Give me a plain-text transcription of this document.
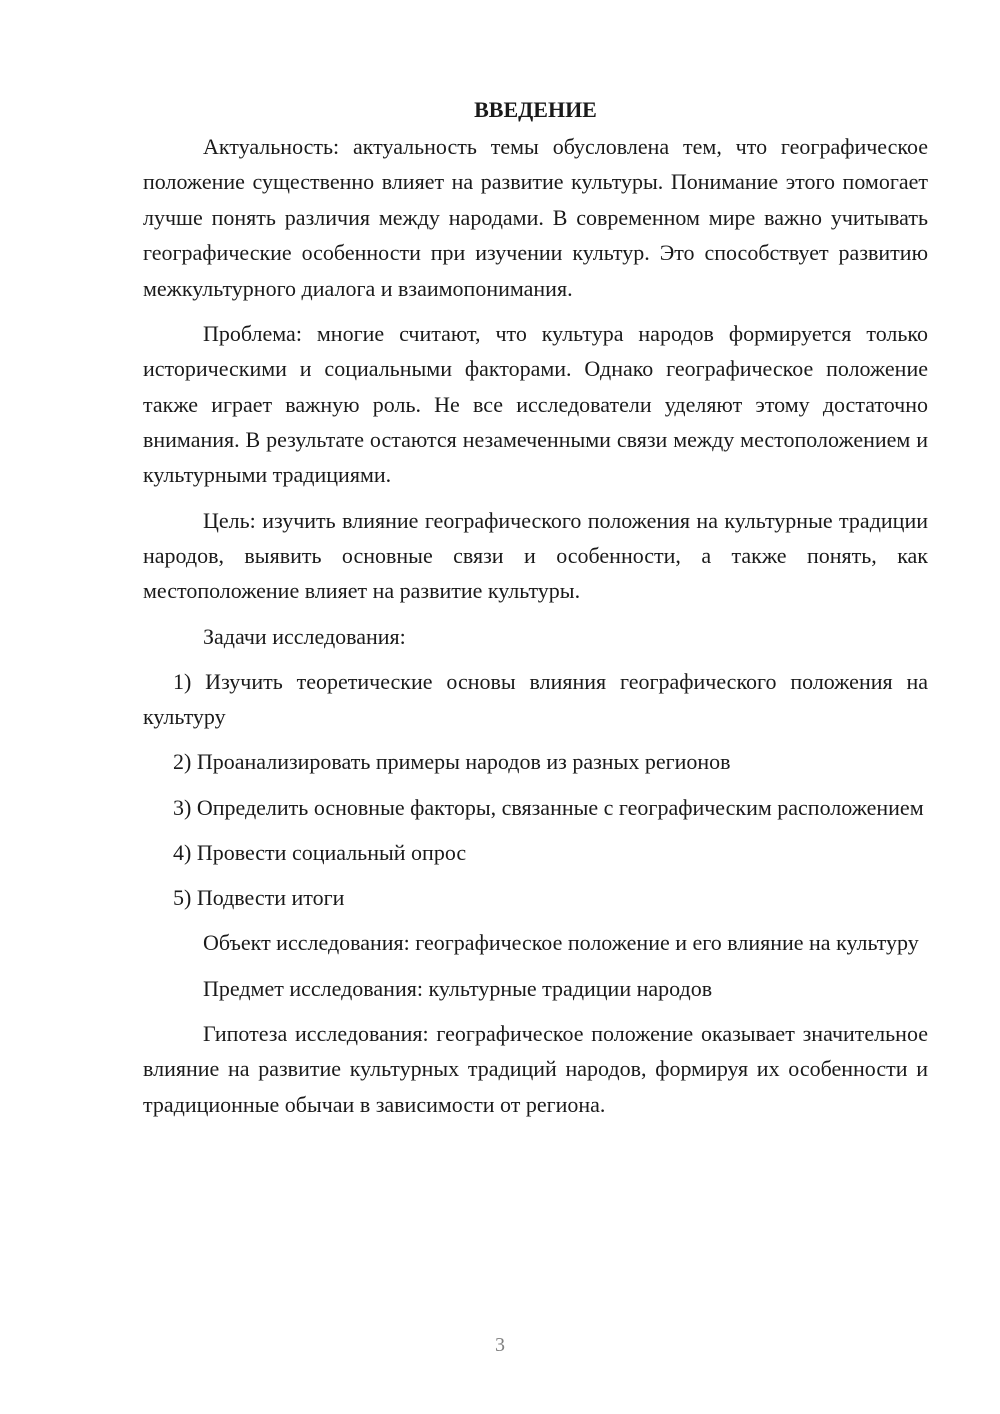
ВВЕДЕНИЕ

Актуальность: актуальность темы обусловлена тем, что географическое положение существенно влияет на развитие культуры. Понимание этого помогает лучше понять различия между народами. В современном мире важно учитывать географические особенности при изучении культур. Это способствует развитию межкультурного диалога и взаимопонимания.

Проблема: многие считают, что культура народов формируется только историческими и социальными факторами. Однако географическое положение также играет важную роль. Не все исследователи уделяют этому достаточно внимания. В результате остаются незамеченными связи между местоположением и культурными традициями.

Цель: изучить влияние географического положения на культурные традиции народов, выявить основные связи и особенности, а также понять, как местоположение влияет на развитие культуры.

Задачи исследования:

1) Изучить теоретические основы влияния географического положения на культуру

2) Проанализировать примеры народов из разных регионов

3) Определить основные факторы, связанные с географическим расположением

4) Провести социальный опрос

5) Подвести итоги

Объект исследования: географическое положение и его влияние на культуру

Предмет исследования: культурные традиции народов

Гипотеза исследования: географическое положение оказывает значительное влияние на развитие культурных традиций народов, формируя их особенности и традиционные обычаи в зависимости от региона.

3
